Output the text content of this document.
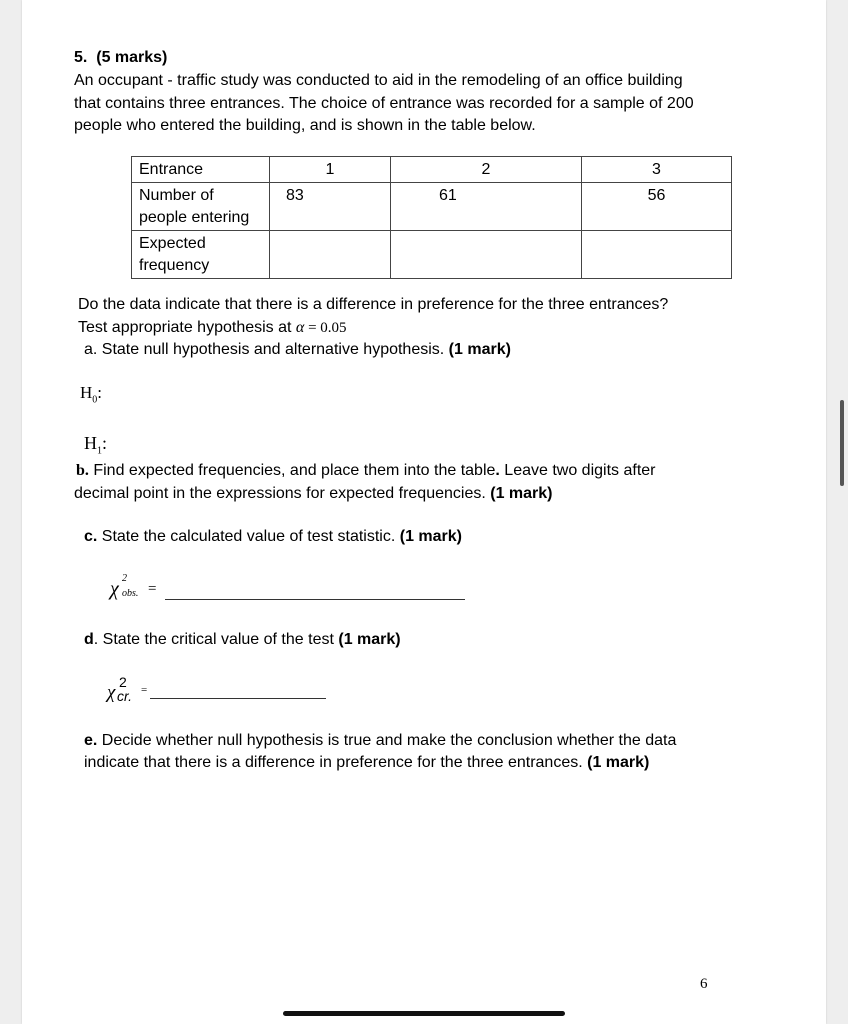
5. (5 marks)
An occupant - traffic study was conducted to aid in the remodeling of an office building
that contains three entrances. The choice of entrance was recorded for a sample of 200
people who entered the building, and is shown in the table below.
Entrance	1	2	3
Number of
people entering	83	61	56
Expected
frequency			
Do the data indicate that there is a difference in preference for the three entrances?
Test appropriate hypothesis at α = 0.05
a. State null hypothesis and alternative hypothesis. (1 mark)
$H_0$:
$H_1$:
b. Find expected frequencies, and place them into the table. Leave two digits after
decimal point in the expressions for expected frequencies. (1 mark)
c. State the calculated value of test statistic. (1 mark)
χ 2
obs. =
d. State the critical value of the test (1 mark)
χ 2
cr. =
e. Decide whether null hypothesis is true and make the conclusion whether the data
indicate that there is a difference in preference for the three entrances. (1 mark)
6
